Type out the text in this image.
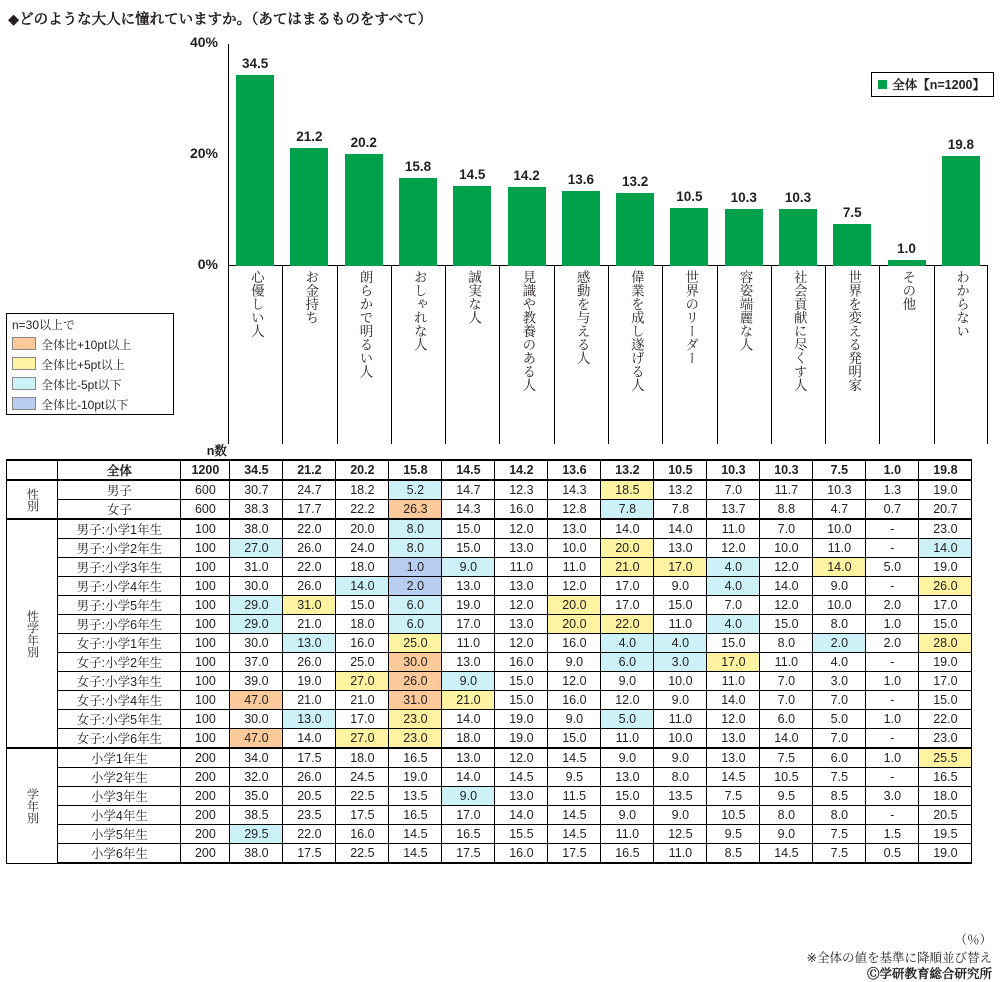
◆どのような大人に憧れていますか。（あてはまるものをすべて）
0%
20%
40%
34.5
21.2	20.2
15.8	14.5	14.2	13.6	13.2
10.5	10.3	10.3
7.5
1.0
19.8
全体【n=1200】
心優しい人	お金持ち	朗らかで明るい人	おしゃれな人	誠実な人	見識や教養のある人	感動を与える人	偉業を成し遂げる人	世界のリーダー	容姿端麗な人	社会貢献に尽くす人	世界を変える発明家	その他	わからない
n=30以上で
全体比+10pt以上
全体比+5pt以上
全体比-5pt以下
全体比-10pt以下
		n数														
	全体	1200	34.5	21.2	20.2	15.8	14.5	14.2	13.6	13.2	10.5	10.3	10.3	7.5	1.0	19.8

性別	男子	600	30.7	24.7	18.2	5.2	14.7	12.3	14.3	18.5	13.2	7.0	11.7	10.3	1.3	19.0
	女子	600	38.3	17.7	22.2	26.3	14.3	16.0	12.8	7.8	7.8	13.7	8.8	4.7	0.7	20.7

性学年別	男子:小学1年生	100	38.0	22.0	20.0	8.0	15.0	12.0	13.0	14.0	14.0	11.0	7.0	10.0	-	23.0
	男子:小学2年生	100	27.0	26.0	24.0	8.0	15.0	13.0	10.0	20.0	13.0	12.0	10.0	11.0	-	14.0
	男子:小学3年生	100	31.0	22.0	18.0	1.0	9.0	11.0	11.0	21.0	17.0	4.0	12.0	14.0	5.0	19.0
	男子:小学4年生	100	30.0	26.0	14.0	2.0	13.0	13.0	12.0	17.0	9.0	4.0	14.0	9.0	-	26.0
	男子:小学5年生	100	29.0	31.0	15.0	6.0	19.0	12.0	20.0	17.0	15.0	7.0	12.0	10.0	2.0	17.0
	男子:小学6年生	100	29.0	21.0	18.0	6.0	17.0	13.0	20.0	22.0	11.0	4.0	15.0	8.0	1.0	15.0
	女子:小学1年生	100	30.0	13.0	16.0	25.0	11.0	12.0	16.0	4.0	4.0	15.0	8.0	2.0	2.0	28.0
	女子:小学2年生	100	37.0	26.0	25.0	30.0	13.0	16.0	9.0	6.0	3.0	17.0	11.0	4.0	-	19.0
	女子:小学3年生	100	39.0	19.0	27.0	26.0	9.0	15.0	12.0	9.0	10.0	11.0	7.0	3.0	1.0	17.0
	女子:小学4年生	100	47.0	21.0	21.0	31.0	21.0	15.0	16.0	12.0	9.0	14.0	7.0	7.0	-	15.0
	女子:小学5年生	100	30.0	13.0	17.0	23.0	14.0	19.0	9.0	5.0	11.0	12.0	6.0	5.0	1.0	22.0
	女子:小学6年生	100	47.0	14.0	27.0	23.0	18.0	19.0	15.0	11.0	10.0	13.0	14.0	7.0	-	23.0

学年別	小学1年生	200	34.0	17.5	18.0	16.5	13.0	12.0	14.5	9.0	9.0	13.0	7.5	6.0	1.0	25.5
	小学2年生	200	32.0	26.0	24.5	19.0	14.0	14.5	9.5	13.0	8.0	14.5	10.5	7.5	-	16.5
	小学3年生	200	35.0	20.5	22.5	13.5	9.0	13.0	11.5	15.0	13.5	7.5	9.5	8.5	3.0	18.0
	小学4年生	200	38.5	23.5	17.5	16.5	17.0	14.0	14.5	9.0	9.0	10.5	8.0	8.0	-	20.5
	小学5年生	200	29.5	22.0	16.0	14.5	16.5	15.5	14.5	11.0	12.5	9.5	9.0	7.5	1.5	19.5
	小学6年生	200	38.0	17.5	22.5	14.5	17.5	16.0	17.5	16.5	11.0	8.5	14.5	7.5	0.5	19.0
（％）
※全体の値を基準に降順並び替え
Ⓒ学研教育総合研究所
